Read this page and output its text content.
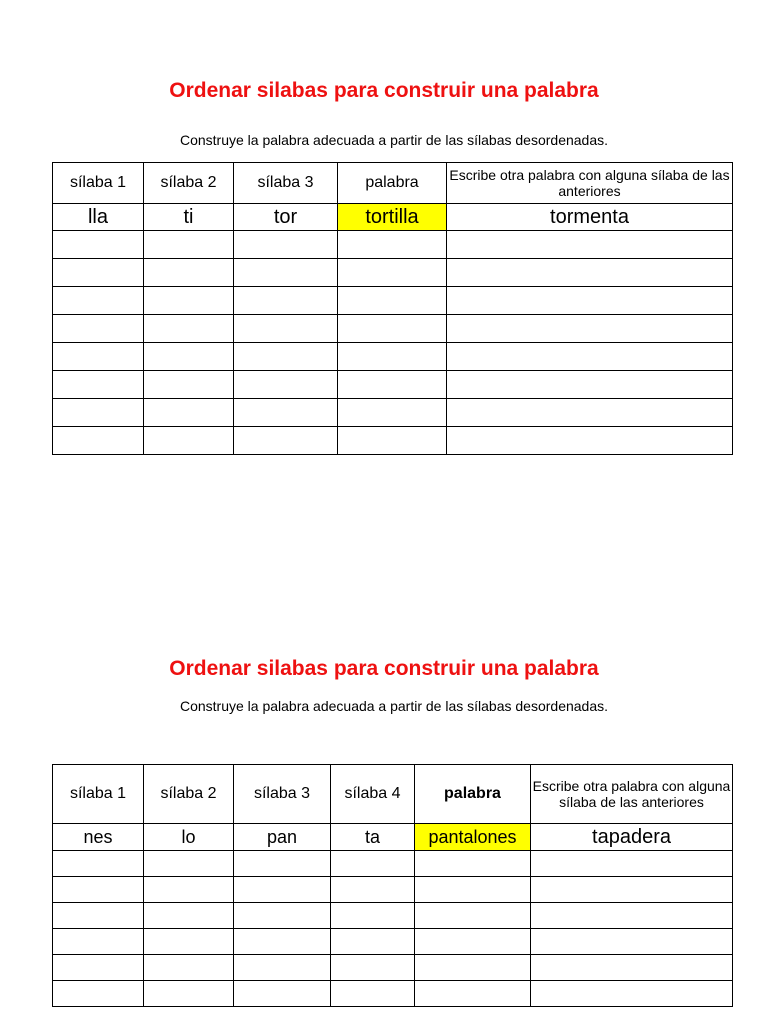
Ordenar silabas para construir una palabra

Construye la palabra adecuada a partir de las sílabas desordenadas.

sílaba 1	sílaba 2	sílaba 3	palabra	Escribe otra palabra con alguna sílaba de las anteriores
lla	ti	tor	tortilla	tormenta

Ordenar silabas para construir una palabra

Construye la palabra adecuada a partir de las sílabas desordenadas.

sílaba 1	sílaba 2	sílaba 3	sílaba 4	palabra	Escribe otra palabra con alguna sílaba de las anteriores
nes	lo	pan	ta	pantalones	tapadera
